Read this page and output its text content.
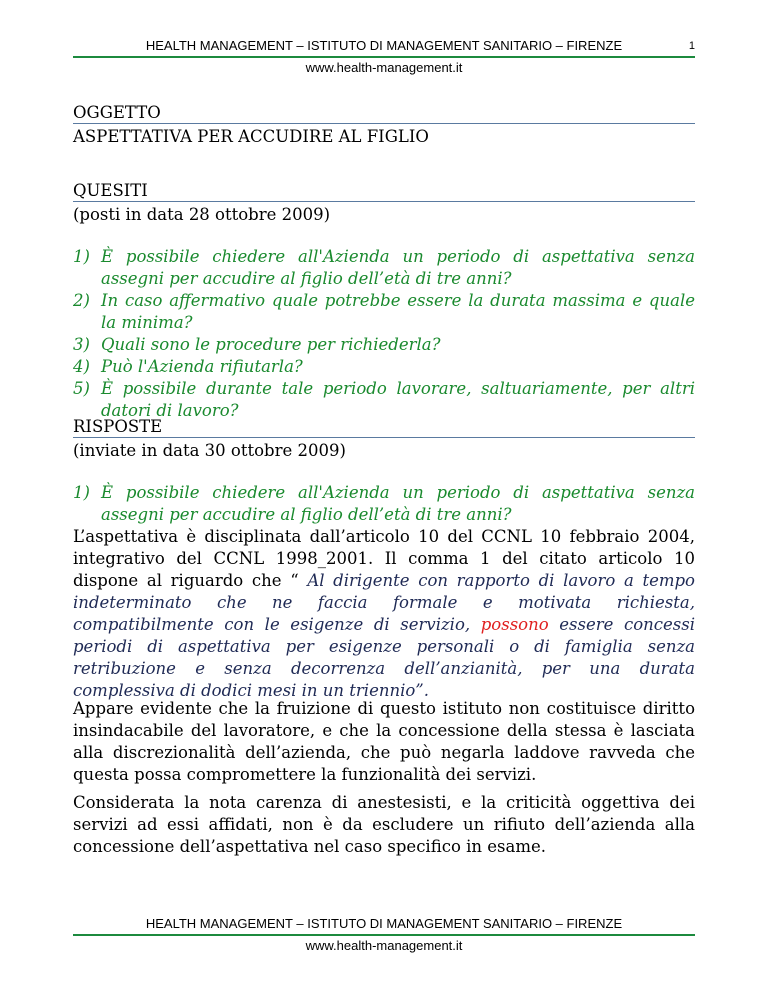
HEALTH MANAGEMENT – ISTITUTO DI MANAGEMENT SANITARIO – FIRENZE	1
www.health-management.it

OGGETTO

ASPETTATIVA PER ACCUDIRE AL FIGLIO

QUESITI

(posti in data 28 ottobre 2009)

1) È possibile chiedere all'Azienda un periodo di aspettativa senza assegni per accudire al figlio dell’età di tre anni?
2) In caso affermativo quale potrebbe essere la durata massima e quale la minima?
3) Quali sono le procedure per richiederla?
4) Può l'Azienda rifiutarla?
5) È possibile durante tale periodo lavorare, saltuariamente, per altri datori di lavoro?

RISPOSTE

(inviate in data 30 ottobre 2009)

1) È possibile chiedere all'Azienda un periodo di aspettativa senza assegni per accudire al figlio dell’età di tre anni?

L’aspettativa è disciplinata dall’articolo 10 del CCNL 10 febbraio 2004, integrativo del CCNL 1998_2001. Il comma 1 del citato articolo 10 dispone al riguardo che “ Al dirigente con rapporto di lavoro a tempo indeterminato che ne faccia formale e motivata richiesta, compatibilmente con le esigenze di servizio, possono essere concessi periodi di aspettativa per esigenze personali o di famiglia senza retribuzione e senza decorrenza dell’anzianità, per una durata complessiva di dodici mesi in un triennio”.

Appare evidente che la fruizione di questo istituto non costituisce diritto insindacabile del lavoratore, e che la concessione della stessa è lasciata alla discrezionalità dell’azienda, che può negarla laddove ravveda che questa possa compromettere la funzionalità dei servizi.

Considerata la nota carenza di anestesisti, e la criticità oggettiva dei servizi ad essi affidati, non è da escludere un rifiuto dell’azienda alla concessione dell’aspettativa nel caso specifico in esame.

HEALTH MANAGEMENT – ISTITUTO DI MANAGEMENT SANITARIO – FIRENZE
www.health-management.it
